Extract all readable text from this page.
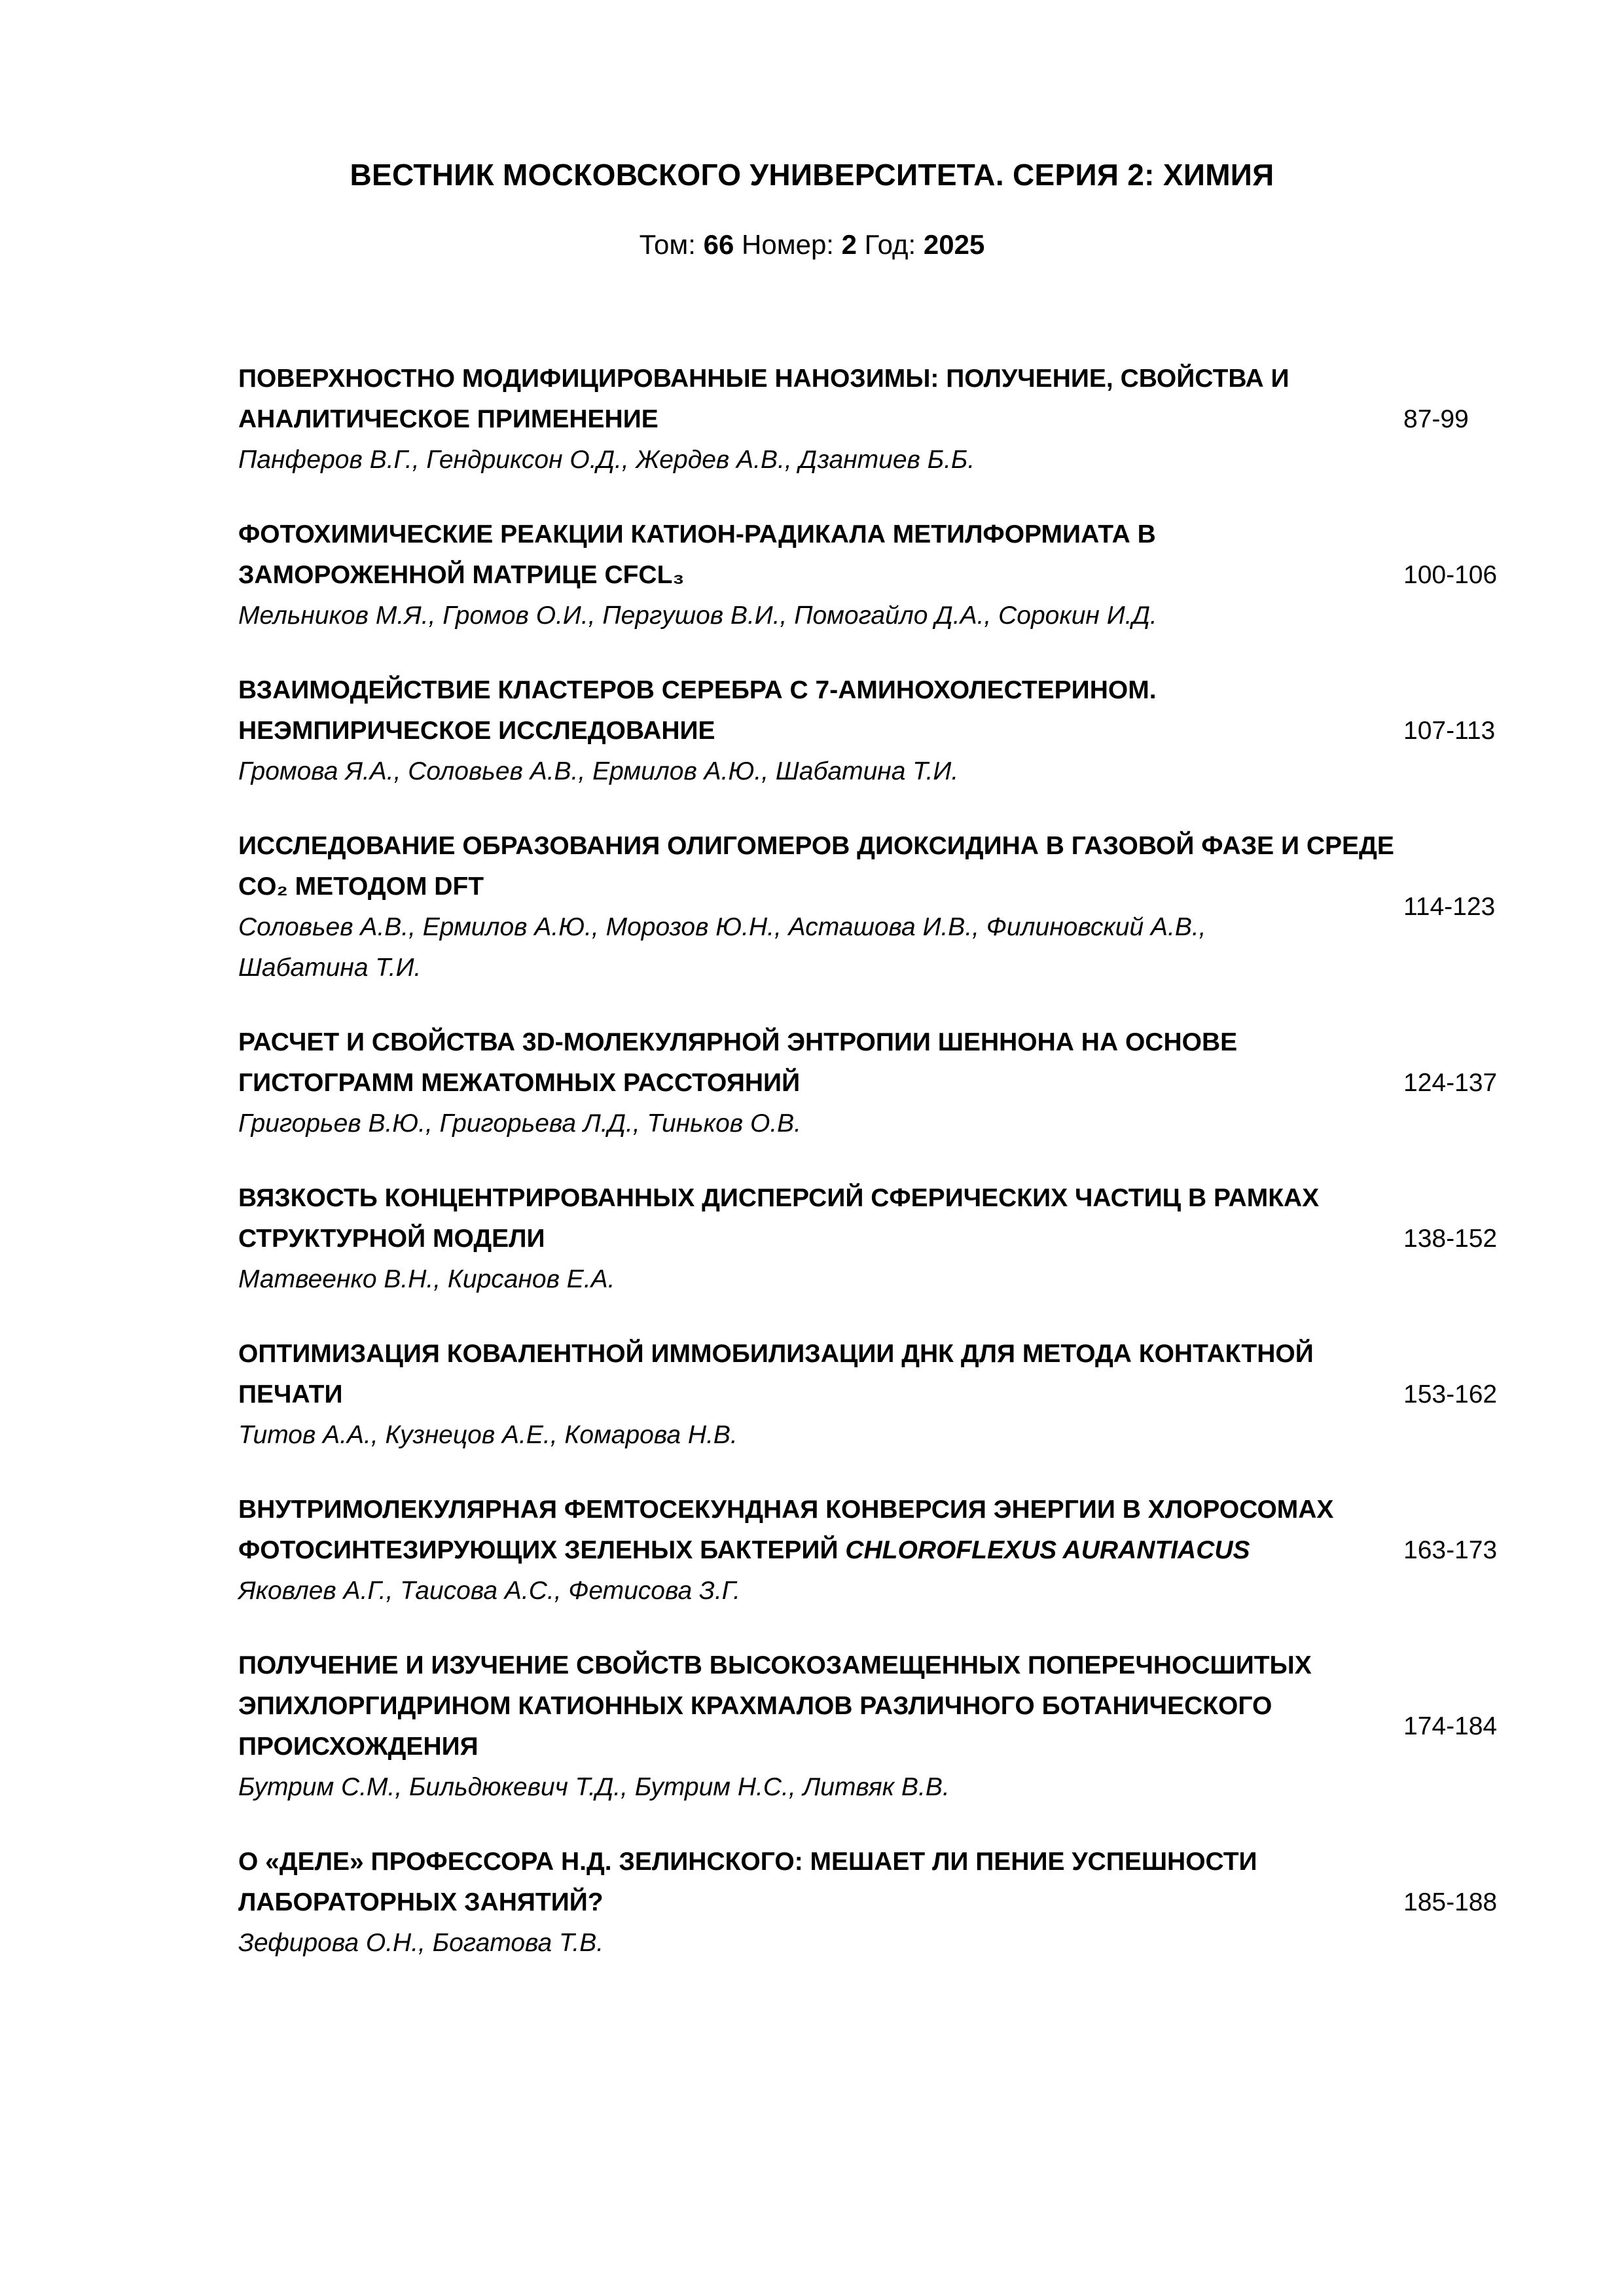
ВЕСТНИК МОСКОВСКОГО УНИВЕРСИТЕТА. СЕРИЯ 2: ХИМИЯ
Том: 66 Номер: 2 Год: 2025
ПОВЕРХНОСТНО МОДИФИЦИРОВАННЫЕ НАНОЗИМЫ: ПОЛУЧЕНИЕ, СВОЙСТВА И
АНАЛИТИЧЕСКОЕ ПРИМЕНЕНИЕ
Панферов В.Г., Гендриксон О.Д., Жердев А.В., Дзантиев Б.Б.
87-99
ФОТОХИМИЧЕСКИЕ РЕАКЦИИ КАТИОН-РАДИКАЛА МЕТИЛФОРМИАТА В
ЗАМОРОЖЕННОЙ МАТРИЦЕ CFCL₃
Мельников М.Я., Громов О.И., Пергушов В.И., Помогайло Д.А., Сорокин И.Д.
100-106
ВЗАИМОДЕЙСТВИЕ КЛАСТЕРОВ СЕРЕБРА С 7-АМИНОХОЛЕСТЕРИНОМ.
НЕЭМПИРИЧЕСКОЕ ИССЛЕДОВАНИЕ
Громова Я.А., Соловьев А.В., Ермилов А.Ю., Шабатина Т.И.
107-113
ИССЛЕДОВАНИЕ ОБРАЗОВАНИЯ ОЛИГОМЕРОВ ДИОКСИДИНА В ГАЗОВОЙ ФАЗЕ И СРЕДЕ
CO₂ МЕТОДОМ DFT
Соловьев А.В., Ермилов А.Ю., Морозов Ю.Н., Асташова И.В., Филиновский А.В.,
Шабатина Т.И.
114-123
РАСЧЕТ И СВОЙСТВА 3D-МОЛЕКУЛЯРНОЙ ЭНТРОПИИ ШЕННОНА НА ОСНОВЕ
ГИСТОГРАММ МЕЖАТОМНЫХ РАССТОЯНИЙ
Григорьев В.Ю., Григорьева Л.Д., Тиньков О.В.
124-137
ВЯЗКОСТЬ КОНЦЕНТРИРОВАННЫХ ДИСПЕРСИЙ СФЕРИЧЕСКИХ ЧАСТИЦ В РАМКАХ
СТРУКТУРНОЙ МОДЕЛИ
Матвеенко В.Н., Кирсанов Е.А.
138-152
ОПТИМИЗАЦИЯ КОВАЛЕНТНОЙ ИММОБИЛИЗАЦИИ ДНК ДЛЯ МЕТОДА КОНТАКТНОЙ
ПЕЧАТИ
Титов А.А., Кузнецов А.Е., Комарова Н.В.
153-162
ВНУТРИМОЛЕКУЛЯРНАЯ ФЕМТОСЕКУНДНАЯ КОНВЕРСИЯ ЭНЕРГИИ В ХЛОРОСОМАХ
ФОТОСИНТЕЗИРУЮЩИХ ЗЕЛЕНЫХ БАКТЕРИЙ CHLOROFLEXUS AURANTIACUS
Яковлев А.Г., Таисова А.С., Фетисова З.Г.
163-173
ПОЛУЧЕНИЕ И ИЗУЧЕНИЕ СВОЙСТВ ВЫСОКОЗАМЕЩЕННЫХ ПОПЕРЕЧНОСШИТЫХ
ЭПИХЛОРГИДРИНОМ КАТИОННЫХ КРАХМАЛОВ РАЗЛИЧНОГО БОТАНИЧЕСКОГО
ПРОИСХОЖДЕНИЯ
Бутрим С.М., Бильдюкевич Т.Д., Бутрим Н.С., Литвяк В.В.
174-184
О «ДЕЛЕ» ПРОФЕССОРА Н.Д. ЗЕЛИНСКОГО: МЕШАЕТ ЛИ ПЕНИЕ УСПЕШНОСТИ
ЛАБОРАТОРНЫХ ЗАНЯТИЙ?
Зефирова О.Н., Богатова Т.В.
185-188
